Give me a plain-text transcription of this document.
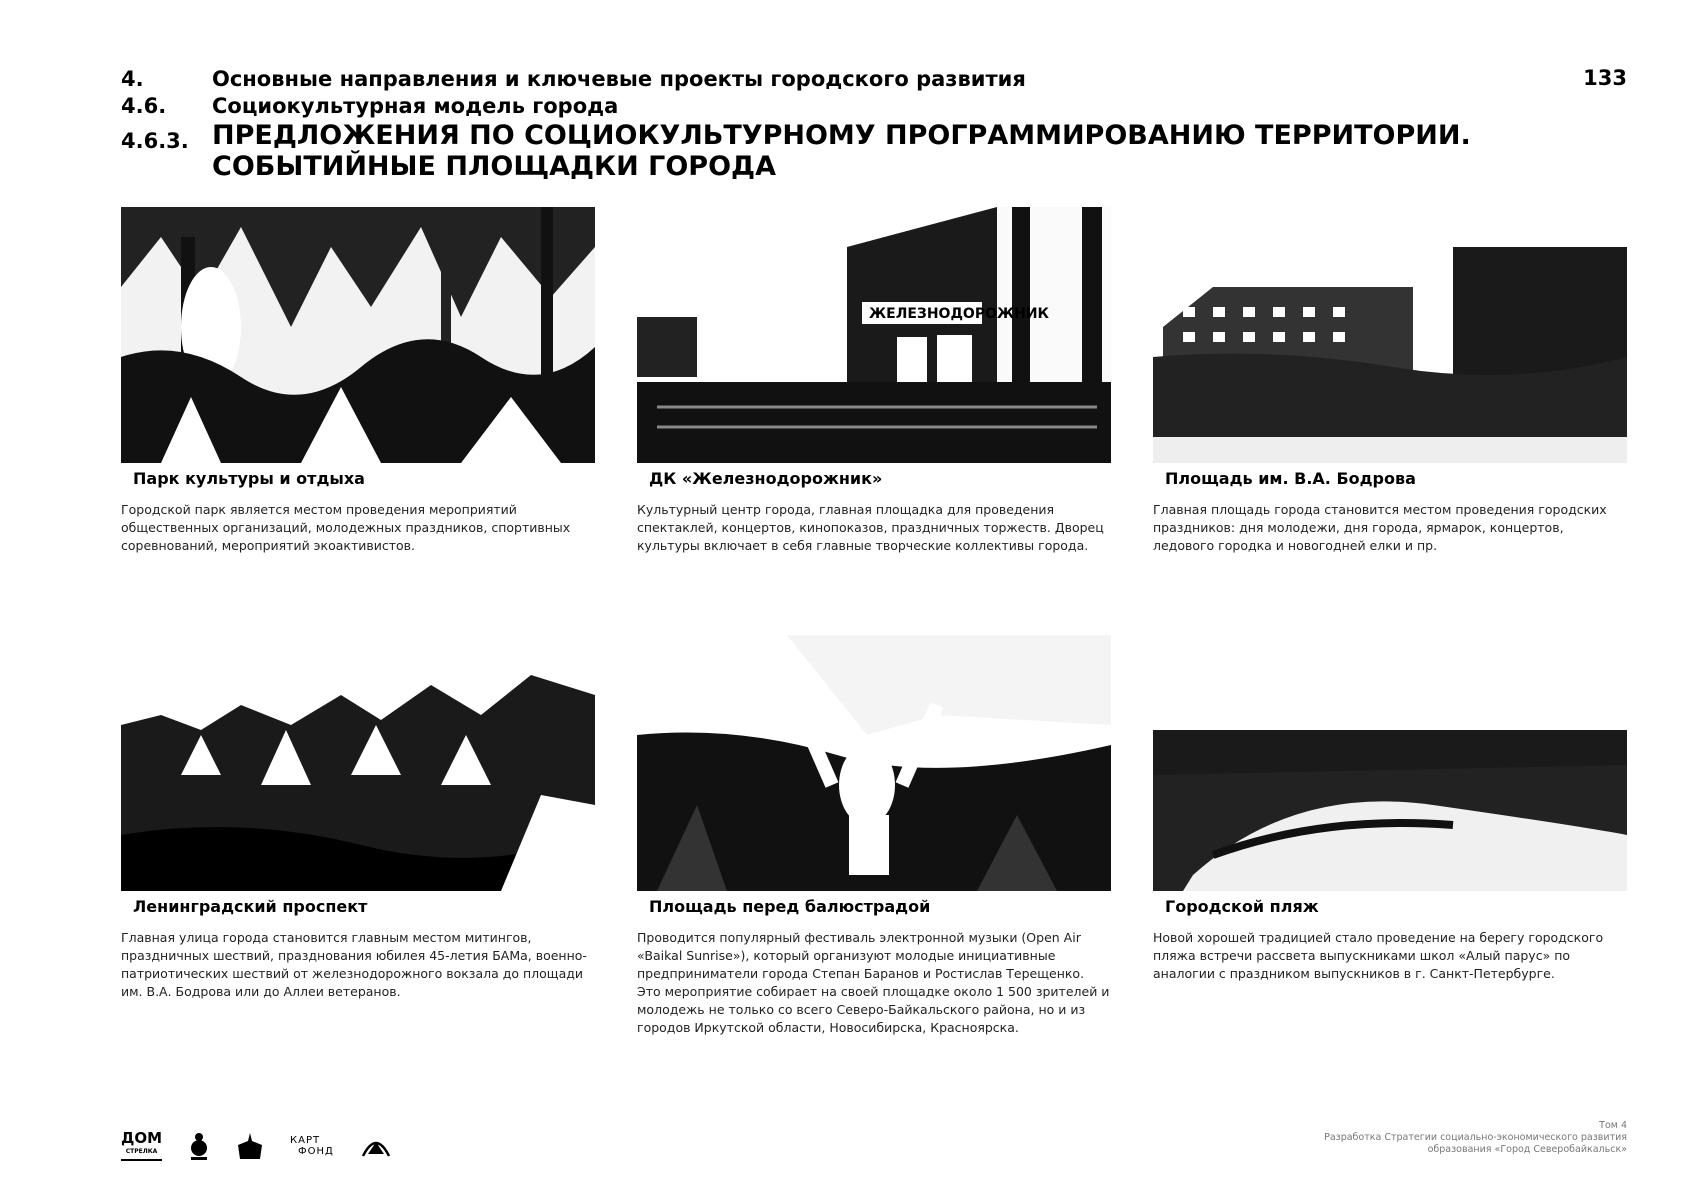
4.	Основные направления и ключевые проекты городского развития
4.6. Социокультурная модель города
4.6.3. ПРЕДЛОЖЕНИЯ ПО СОЦИОКУЛЬТУРНОМУ ПРОГРАММИРОВАНИЮ ТЕРРИТОРИИ.
СОБЫТИЙНЫЕ ПЛОЩАДКИ ГОРОДА
133
Парк культуры и отдыха
Городской парк является местом проведения мероприятий общественных организаций, молодежных праздников, спортивных соревнований, мероприятий экоактивистов.
ЖЕЛЕЗНОДОРОЖНИК
ДК «Железнодорожник»
Культурный центр города, главная площадка для проведения спектаклей, концертов, кинопоказов, праздничных торжеств. Дворец культуры включает в себя главные творческие коллективы города.
Площадь им. В.А. Бодрова
Главная площадь города становится местом проведения городских праздников: дня молодежи, дня города, ярмарок, концертов, ледового городка и новогодней елки и пр.
Ленинградский проспект
Главная улица города становится главным местом митингов, праздничных шествий, празднования юбилея 45-летия БАМа, военно-патриотических шествий от железнодорожного вокзала до площади им. В.А. Бодрова или до Аллеи ветеранов.
Площадь перед балюстрадой
Проводится популярный фестиваль электронной музыки (Open Air «Baikal Sunrise»), который организуют молодые инициативные предприниматели города Степан Баранов и Ростислав Терещенко. Это мероприятие собирает на своей площадке около 1 500 зрителей и молодежь не только со всего Северо-Байкальского района, но и из городов Иркутской области, Новосибирска, Красноярска.
Городской пляж
Новой хорошей традицией стало проведение на берегу городского пляжа встречи рассвета выпускниками школ «Алый парус» по аналогии с праздником выпускников в г. Санкт-Петербурге.
ДОМ
СТРЕЛКА
КАРТ
ФОНД
Том 4
Разработка Стратегии социально-экономического развития
образования «Город Северобайкальск»
